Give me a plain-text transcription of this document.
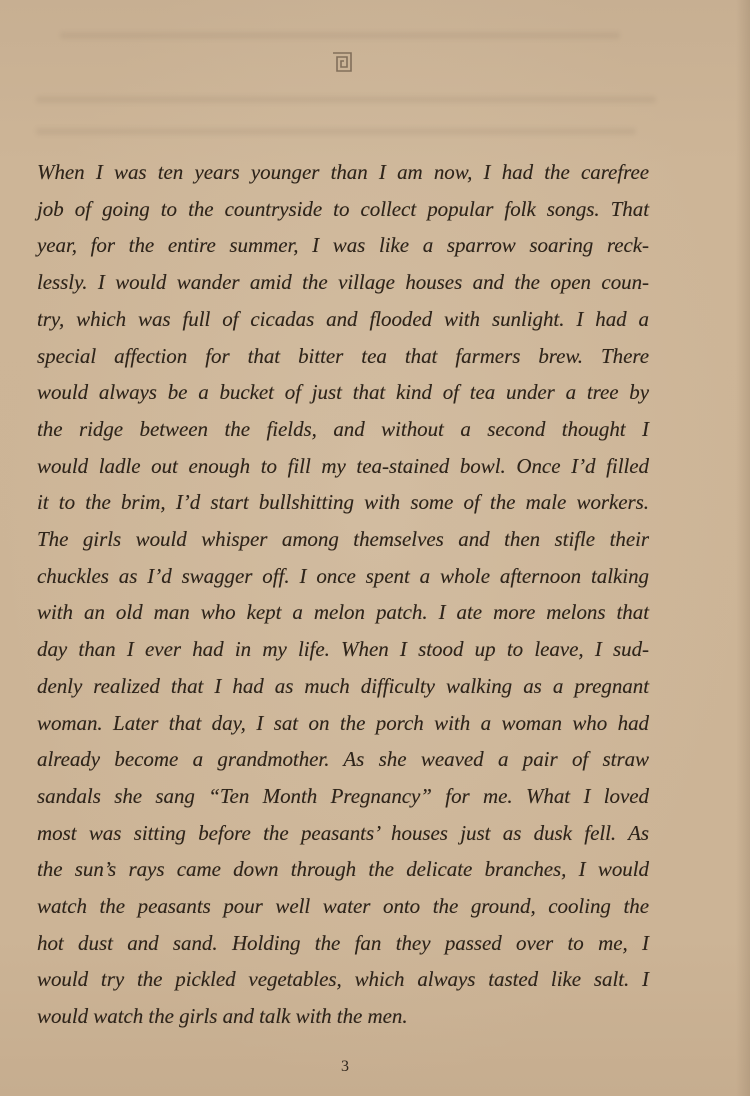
When I was ten years younger than I am now, I had the carefree
job of going to the countryside to collect popular folk songs. That
year, for the entire summer, I was like a sparrow soaring reck-
lessly. I would wander amid the village houses and the open coun-
try, which was full of cicadas and flooded with sunlight. I had a
special affection for that bitter tea that farmers brew. There
would always be a bucket of just that kind of tea under a tree by
the ridge between the fields, and without a second thought I
would ladle out enough to fill my tea-stained bowl. Once I’d filled
it to the brim, I’d start bullshitting with some of the male workers.
The girls would whisper among themselves and then stifle their
chuckles as I’d swagger off. I once spent a whole afternoon talking
with an old man who kept a melon patch. I ate more melons that
day than I ever had in my life. When I stood up to leave, I sud-
denly realized that I had as much difficulty walking as a pregnant
woman. Later that day, I sat on the porch with a woman who had
already become a grandmother. As she weaved a pair of straw
sandals she sang “Ten Month Pregnancy” for me. What I loved
most was sitting before the peasants’ houses just as dusk fell. As
the sun’s rays came down through the delicate branches, I would
watch the peasants pour well water onto the ground, cooling the
hot dust and sand. Holding the fan they passed over to me, I
would try the pickled vegetables, which always tasted like salt. I
would watch the girls and talk with the men.

3
